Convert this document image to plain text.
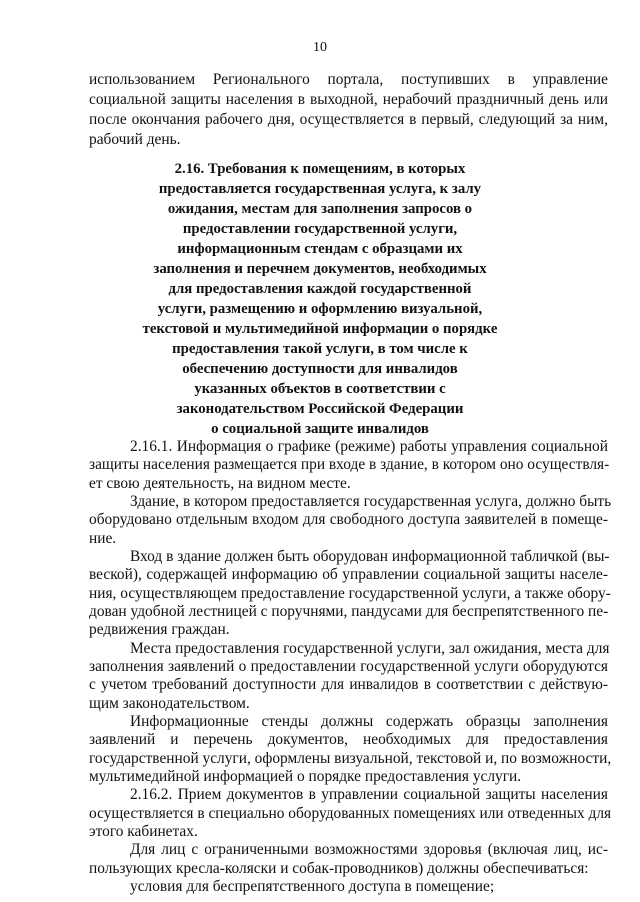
10
использованием Регионального портала, поступивших в управление
социальной защиты населения в выходной, нерабочий праздничный день или
после окончания рабочего дня, осуществляется в первый, следующий за ним,
рабочий день.
2.16. Требования к помещениям, в которых
предоставляется государственная услуга, к залу
ожидания, местам для заполнения запросов о
предоставлении государственной услуги,
информационным стендам с образцами их
заполнения и перечнем документов, необходимых
для предоставления каждой государственной
услуги, размещению и оформлению визуальной,
текстовой и мультимедийной информации о порядке
предоставления такой услуги, в том числе к
обеспечению доступности для инвалидов
указанных объектов в соответствии с
законодательством Российской Федерации
о социальной защите инвалидов
2.16.1. Информация о графике (режиме) работы управления социальной
защиты населения размещается при входе в здание, в котором оно осуществля-
ет свою деятельность, на видном месте.
Здание, в котором предоставляется государственная услуга, должно быть
оборудовано отдельным входом для свободного доступа заявителей в помеще-
ние.
Вход в здание должен быть оборудован информационной табличкой (вы-
веской), содержащей информацию об управлении социальной защиты населе-
ния, осуществляющем предоставление государственной услуги, а также обору-
дован удобной лестницей с поручнями, пандусами для беспрепятственного пе-
редвижения граждан.
Места предоставления государственной услуги, зал ожидания, места для
заполнения заявлений о предоставлении государственной услуги оборудуются
с учетом требований доступности для инвалидов в соответствии с действую-
щим законодательством.
Информационные стенды должны содержать образцы заполнения
заявлений и перечень документов, необходимых для предоставления
государственной услуги, оформлены визуальной, текстовой и, по возможности,
мультимедийной информацией о порядке предоставления услуги.
2.16.2. Прием документов в управлении социальной защиты населения
осуществляется в специально оборудованных помещениях или отведенных для
этого кабинетах.
Для лиц с ограниченными возможностями здоровья (включая лиц, ис-
пользующих кресла-коляски и собак-проводников) должны обеспечиваться:
условия для беспрепятственного доступа в помещение;
